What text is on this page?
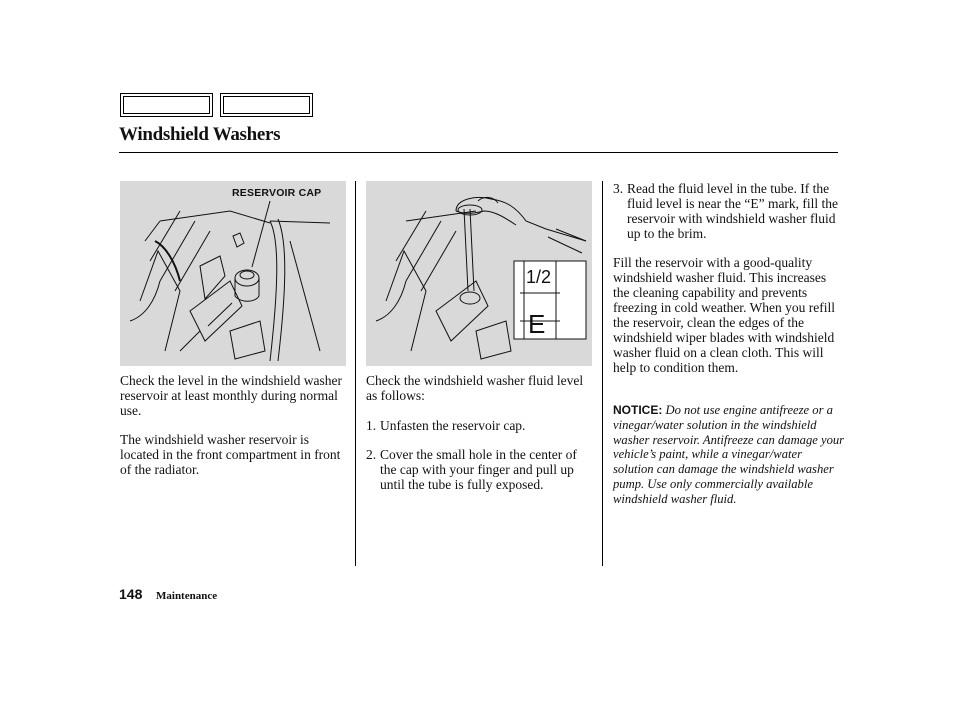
Windshield Washers
RESERVOIR CAP
1/2
E

Check the level in the windshield washer reservoir at least monthly during normal use.

The windshield washer reservoir is located in the front compartment in front of the radiator.

Check the windshield washer fluid level as follows:

1. Unfasten the reservoir cap.
2. Cover the small hole in the center of the cap with your finger and pull up until the tube is fully exposed.
3. Read the fluid level in the tube. If the fluid level is near the “E” mark, fill the reservoir with windshield washer fluid up to the brim.

Fill the reservoir with a good-quality windshield washer fluid. This increases the cleaning capability and prevents freezing in cold weather. When you refill the reservoir, clean the edges of the windshield wiper blades with windshield washer fluid on a clean cloth. This will help to condition them.

NOTICE: Do not use engine antifreeze or a vinegar/water solution in the windshield washer reservoir. Antifreeze can damage your vehicle’s paint, while a vinegar/water solution can damage the windshield washer pump. Use only commercially available windshield washer fluid.
148 Maintenance
